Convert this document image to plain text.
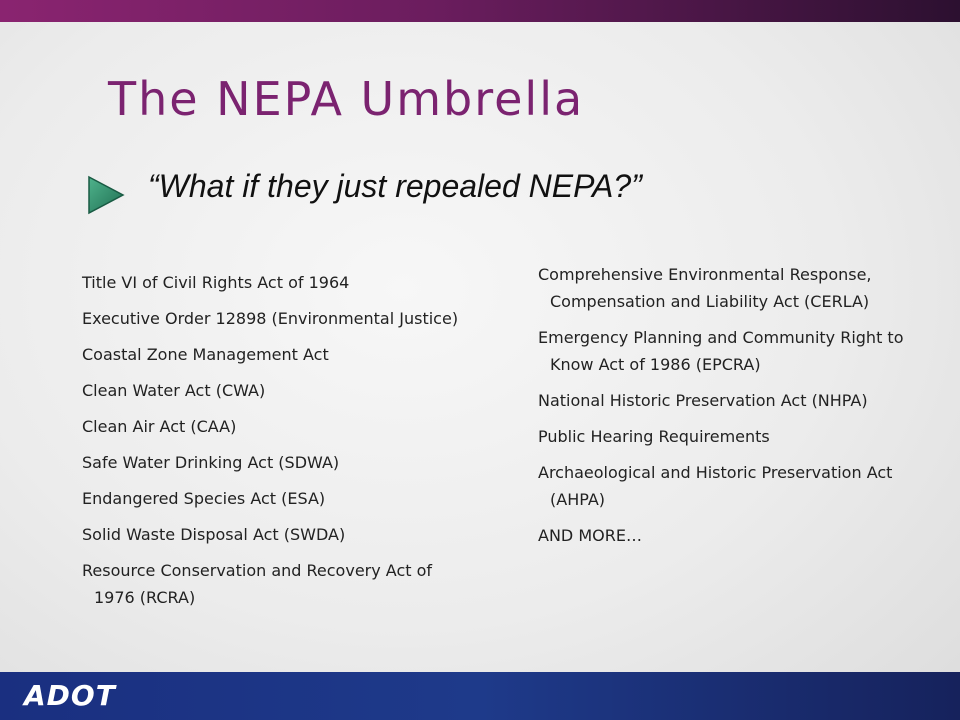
The NEPA Umbrella
“What if they just repealed NEPA?”
Title VI of Civil Rights Act of 1964
Executive Order 12898 (Environmental Justice)
Coastal Zone Management Act
Clean Water Act (CWA)
Clean Air Act (CAA)
Safe Water Drinking Act (SDWA)
Endangered Species Act (ESA)
Solid Waste Disposal Act (SWDA)
Resource Conservation and Recovery Act of 1976 (RCRA)
Comprehensive Environmental Response, Compensation and Liability Act (CERLA)
Emergency Planning and Community Right to Know Act of 1986 (EPCRA)
National Historic Preservation Act (NHPA)
Public Hearing Requirements
Archaeological and Historic Preservation Act (AHPA)
AND MORE…
ADOT
